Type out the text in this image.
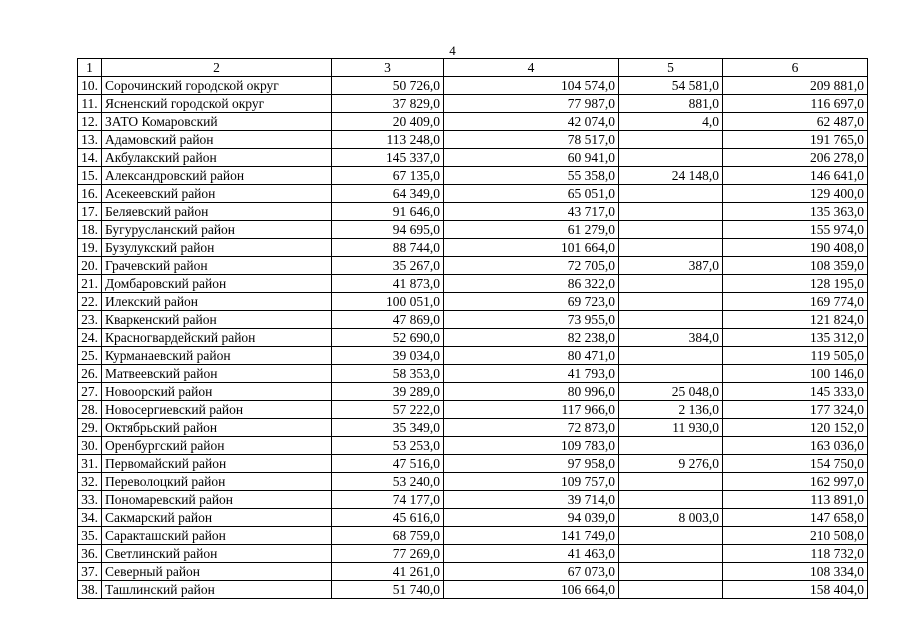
4
1	2	3	4	5	6
10.	Сорочинский городской округ	50 726,0	104 574,0	54 581,0	209 881,0
11.	Ясненский городской округ	37 829,0	77 987,0	881,0	116 697,0
12.	ЗАТО Комаровский	20 409,0	42 074,0	4,0	62 487,0
13.	Адамовский район	113 248,0	78 517,0		191 765,0
14.	Акбулакский район	145 337,0	60 941,0		206 278,0
15.	Александровский район	67 135,0	55 358,0	24 148,0	146 641,0
16.	Асекеевский район	64 349,0	65 051,0		129 400,0
17.	Беляевский район	91 646,0	43 717,0		135 363,0
18.	Бугурусланский район	94 695,0	61 279,0		155 974,0
19.	Бузулукский район	88 744,0	101 664,0		190 408,0
20.	Грачевский район	35 267,0	72 705,0	387,0	108 359,0
21.	Домбаровский район	41 873,0	86 322,0		128 195,0
22.	Илекский район	100 051,0	69 723,0		169 774,0
23.	Кваркенский район	47 869,0	73 955,0		121 824,0
24.	Красногвардейский район	52 690,0	82 238,0	384,0	135 312,0
25.	Курманаевский район	39 034,0	80 471,0		119 505,0
26.	Матвеевский район	58 353,0	41 793,0		100 146,0
27.	Новоорский район	39 289,0	80 996,0	25 048,0	145 333,0
28.	Новосергиевский район	57 222,0	117 966,0	2 136,0	177 324,0
29.	Октябрьский район	35 349,0	72 873,0	11 930,0	120 152,0
30.	Оренбургский район	53 253,0	109 783,0		163 036,0
31.	Первомайский район	47 516,0	97 958,0	9 276,0	154 750,0
32.	Переволоцкий район	53 240,0	109 757,0		162 997,0
33.	Пономаревский район	74 177,0	39 714,0		113 891,0
34.	Сакмарский район	45 616,0	94 039,0	8 003,0	147 658,0
35.	Саракташский район	68 759,0	141 749,0		210 508,0
36.	Светлинский район	77 269,0	41 463,0		118 732,0
37.	Северный район	41 261,0	67 073,0		108 334,0
38.	Ташлинский район	51 740,0	106 664,0		158 404,0
